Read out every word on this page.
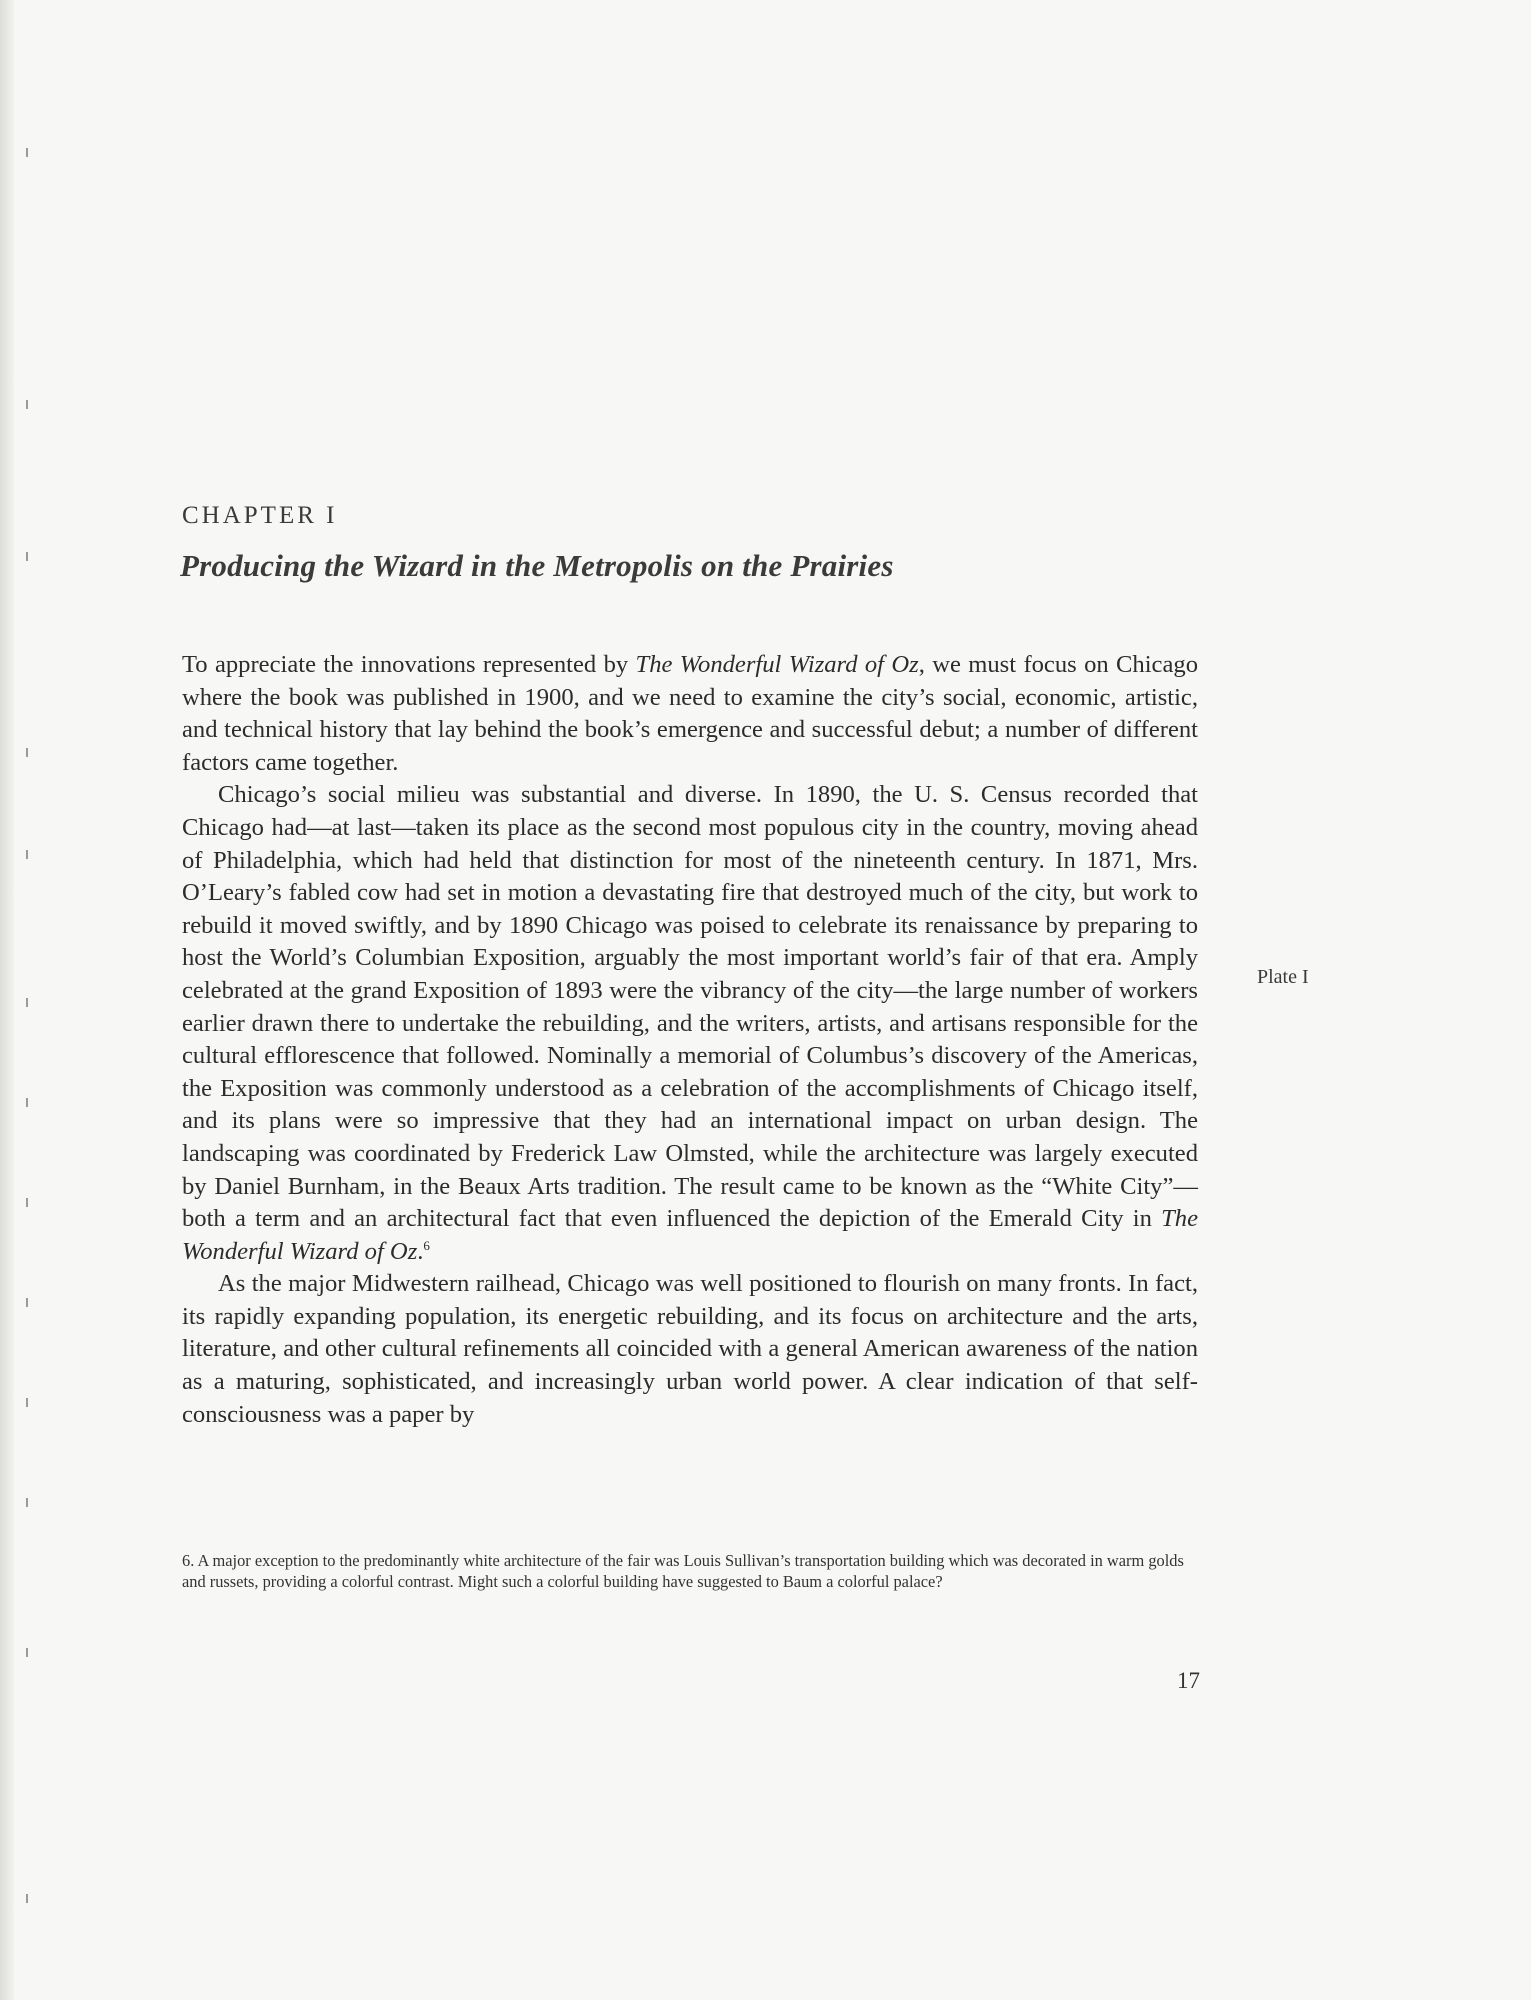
CHAPTER I
Producing the Wizard in the Metropolis on the Prairies

To appreciate the innovations represented by The Wonderful Wizard of Oz, we must focus on Chicago where the book was published in 1900, and we need to examine the city’s social, economic, artistic, and technical history that lay behind the book’s emergence and successful debut; a number of different factors came together.

Chicago’s social milieu was substantial and diverse. In 1890, the U. S. Census recorded that Chicago had—at last—taken its place as the second most populous city in the country, moving ahead of Philadelphia, which had held that distinction for most of the nineteenth century. In 1871, Mrs. O’Leary’s fabled cow had set in motion a devastating fire that destroyed much of the city, but work to rebuild it moved swiftly, and by 1890 Chicago was poised to celebrate its renaissance by preparing to host the World’s Columbian Exposition, arguably the most important world’s fair of that era. Amply celebrated at the grand Exposition of 1893 were the vibrancy of the city—the large number of workers earlier drawn there to undertake the rebuilding, and the writers, artists, and artisans responsible for the cultural efflorescence that followed. Nominally a memorial of Columbus’s discovery of the Americas, the Exposition was commonly understood as a celebration of the accomplishments of Chicago itself, and its plans were so impressive that they had an international impact on urban design. The landscaping was coordinated by Frederick Law Olmsted, while the architecture was largely executed by Daniel Burnham, in the Beaux Arts tradition. The result came to be known as the “White City”—both a term and an architectural fact that even influenced the depiction of the Emerald City in The Wonderful Wizard of Oz.$^6$

As the major Midwestern railhead, Chicago was well positioned to flourish on many fronts. In fact, its rapidly expanding population, its energetic rebuilding, and its focus on architecture and the arts, literature, and other cultural refinements all coincided with a general American awareness of the nation as a maturing, sophisticated, and increasingly urban world power. A clear indication of that self-consciousness was a paper by

Plate I
6. A major exception to the predominantly white architecture of the fair was Louis Sullivan’s transportation building which was decorated in warm golds and russets, providing a colorful contrast. Might such a colorful building have suggested to Baum a colorful palace?
17
